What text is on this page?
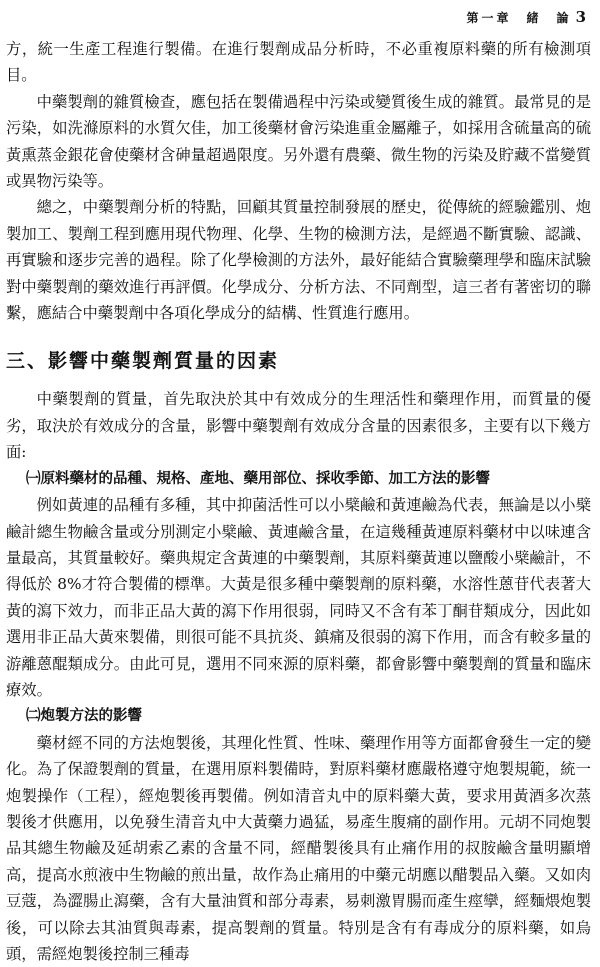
第一章　緒　論 3

方，統一生產工程進行製備。在進行製劑成品分析時，不必重複原料藥的所有檢測項目。

中藥製劑的雜質檢查，應包括在製備過程中污染或變質後生成的雜質。最常見的是污染，如洗滌原料的水質欠佳，加工後藥材會污染進重金屬離子，如採用含硫量高的硫黃熏蒸金銀花會使藥材含砷量超過限度。另外還有農藥、微生物的污染及貯藏不當變質或異物污染等。

總之，中藥製劑分析的特點，回顧其質量控制發展的歷史，從傳統的經驗鑑別、炮製加工、製劑工程到應用現代物理、化學、生物的檢測方法，是經過不斷實驗、認識、再實驗和逐步完善的過程。除了化學檢測的方法外，最好能結合實驗藥理學和臨床試驗對中藥製劑的藥效進行再評價。化學成分、分析方法、不同劑型，這三者有著密切的聯繫，應結合中藥製劑中各項化學成分的結構、性質進行應用。

三、影響中藥製劑質量的因素

中藥製劑的質量，首先取決於其中有效成分的生理活性和藥理作用，而質量的優劣，取決於有效成分的含量，影響中藥製劑有效成分含量的因素很多，主要有以下幾方面:

㈠原料藥材的品種、規格、產地、藥用部位、採收季節、加工方法的影響

例如黃連的品種有多種，其中抑菌活性可以小檗鹼和黃連鹼為代表，無論是以小檗鹼計總生物鹼含量或分別測定小檗鹼、黃連鹼含量，在這幾種黃連原料藥材中以味連含量最高，其質量較好。藥典規定含黃連的中藥製劑，其原料藥黃連以鹽酸小檗鹼計，不得低於 8%才符合製備的標準。大黃是很多種中藥製劑的原料藥，水溶性蒽苷代表著大黃的瀉下效力，而非正品大黃的瀉下作用很弱，同時又不含有苯丁酮苷類成分，因此如選用非正品大黃來製備，則很可能不具抗炎、鎮痛及很弱的瀉下作用，而含有較多量的游離蒽醌類成分。由此可見，選用不同來源的原料藥，都會影響中藥製劑的質量和臨床療效。

㈡炮製方法的影響

藥材經不同的方法炮製後，其理化性質、性味、藥理作用等方面都會發生一定的變化。為了保證製劑的質量，在選用原料製備時，對原料藥材應嚴格遵守炮製規範，統一炮製操作（工程），經炮製後再製備。例如清音丸中的原料藥大黃，要求用黃酒多次蒸製後才供應用，以免發生清音丸中大黃藥力過猛，易產生腹痛的副作用。元胡不同炮製品其總生物鹼及延胡索乙素的含量不同，經醋製後具有止痛作用的叔胺鹼含量明顯增高，提高水煎液中生物鹼的煎出量，故作為止痛用的中藥元胡應以醋製品入藥。又如肉豆蔻，為澀腸止瀉藥，含有大量油質和部分毒素，易刺激胃腸而產生痙攣，經麵煨炮製後，可以除去其油質與毒素，提高製劑的質量。特別是含有有毒成分的原料藥，如烏頭，需經炮製後控制三種毒
